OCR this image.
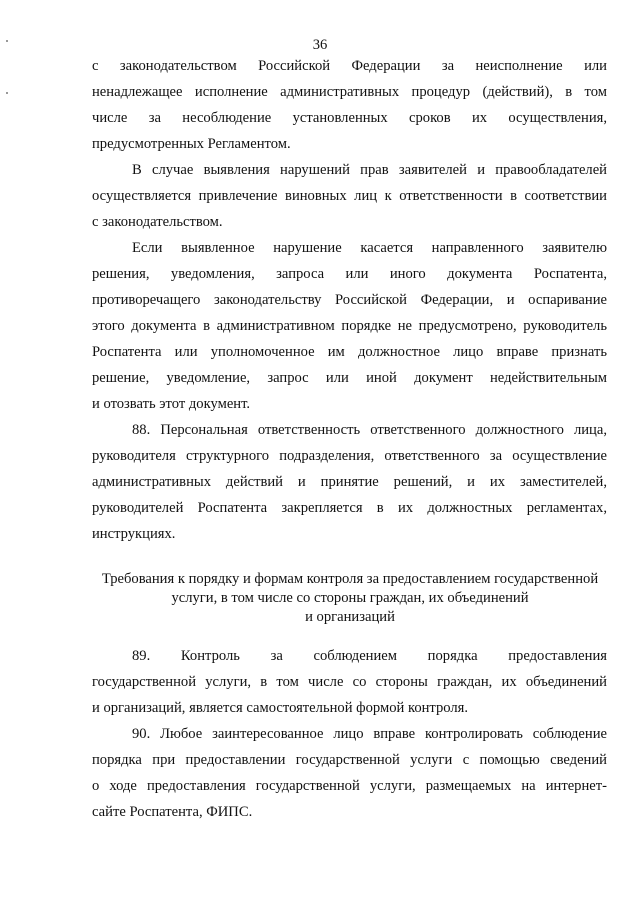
36
с законодательством Российской Федерации за неисполнение или
ненадлежащее исполнение административных процедур (действий), в том
числе за несоблюдение установленных сроков их осуществления,
предусмотренных Регламентом.
В случае выявления нарушений прав заявителей и правообладателей
осуществляется привлечение виновных лиц к ответственности в соответствии
с законодательством.
Если выявленное нарушение касается направленного заявителю
решения, уведомления, запроса или иного документа Роспатента,
противоречащего законодательству Российской Федерации, и оспаривание
этого документа в административном порядке не предусмотрено, руководитель
Роспатента или уполномоченное им должностное лицо вправе признать
решение, уведомление, запрос или иной документ недействительным
и отозвать этот документ.
88. Персональная ответственность ответственного должностного лица,
руководителя структурного подразделения, ответственного за осуществление
административных действий и принятие решений, и их заместителей,
руководителей Роспатента закрепляется в их должностных регламентах,
инструкциях.
Требования к порядку и формам контроля за предоставлением государственной
услуги, в том числе со стороны граждан, их объединений
и организаций
89. Контроль за соблюдением порядка предоставления
государственной услуги, в том числе со стороны граждан, их объединений
и организаций, является самостоятельной формой контроля.
90. Любое заинтересованное лицо вправе контролировать соблюдение
порядка при предоставлении государственной услуги с помощью сведений
о ходе предоставления государственной услуги, размещаемых на интернет-
сайте Роспатента, ФИПС.
